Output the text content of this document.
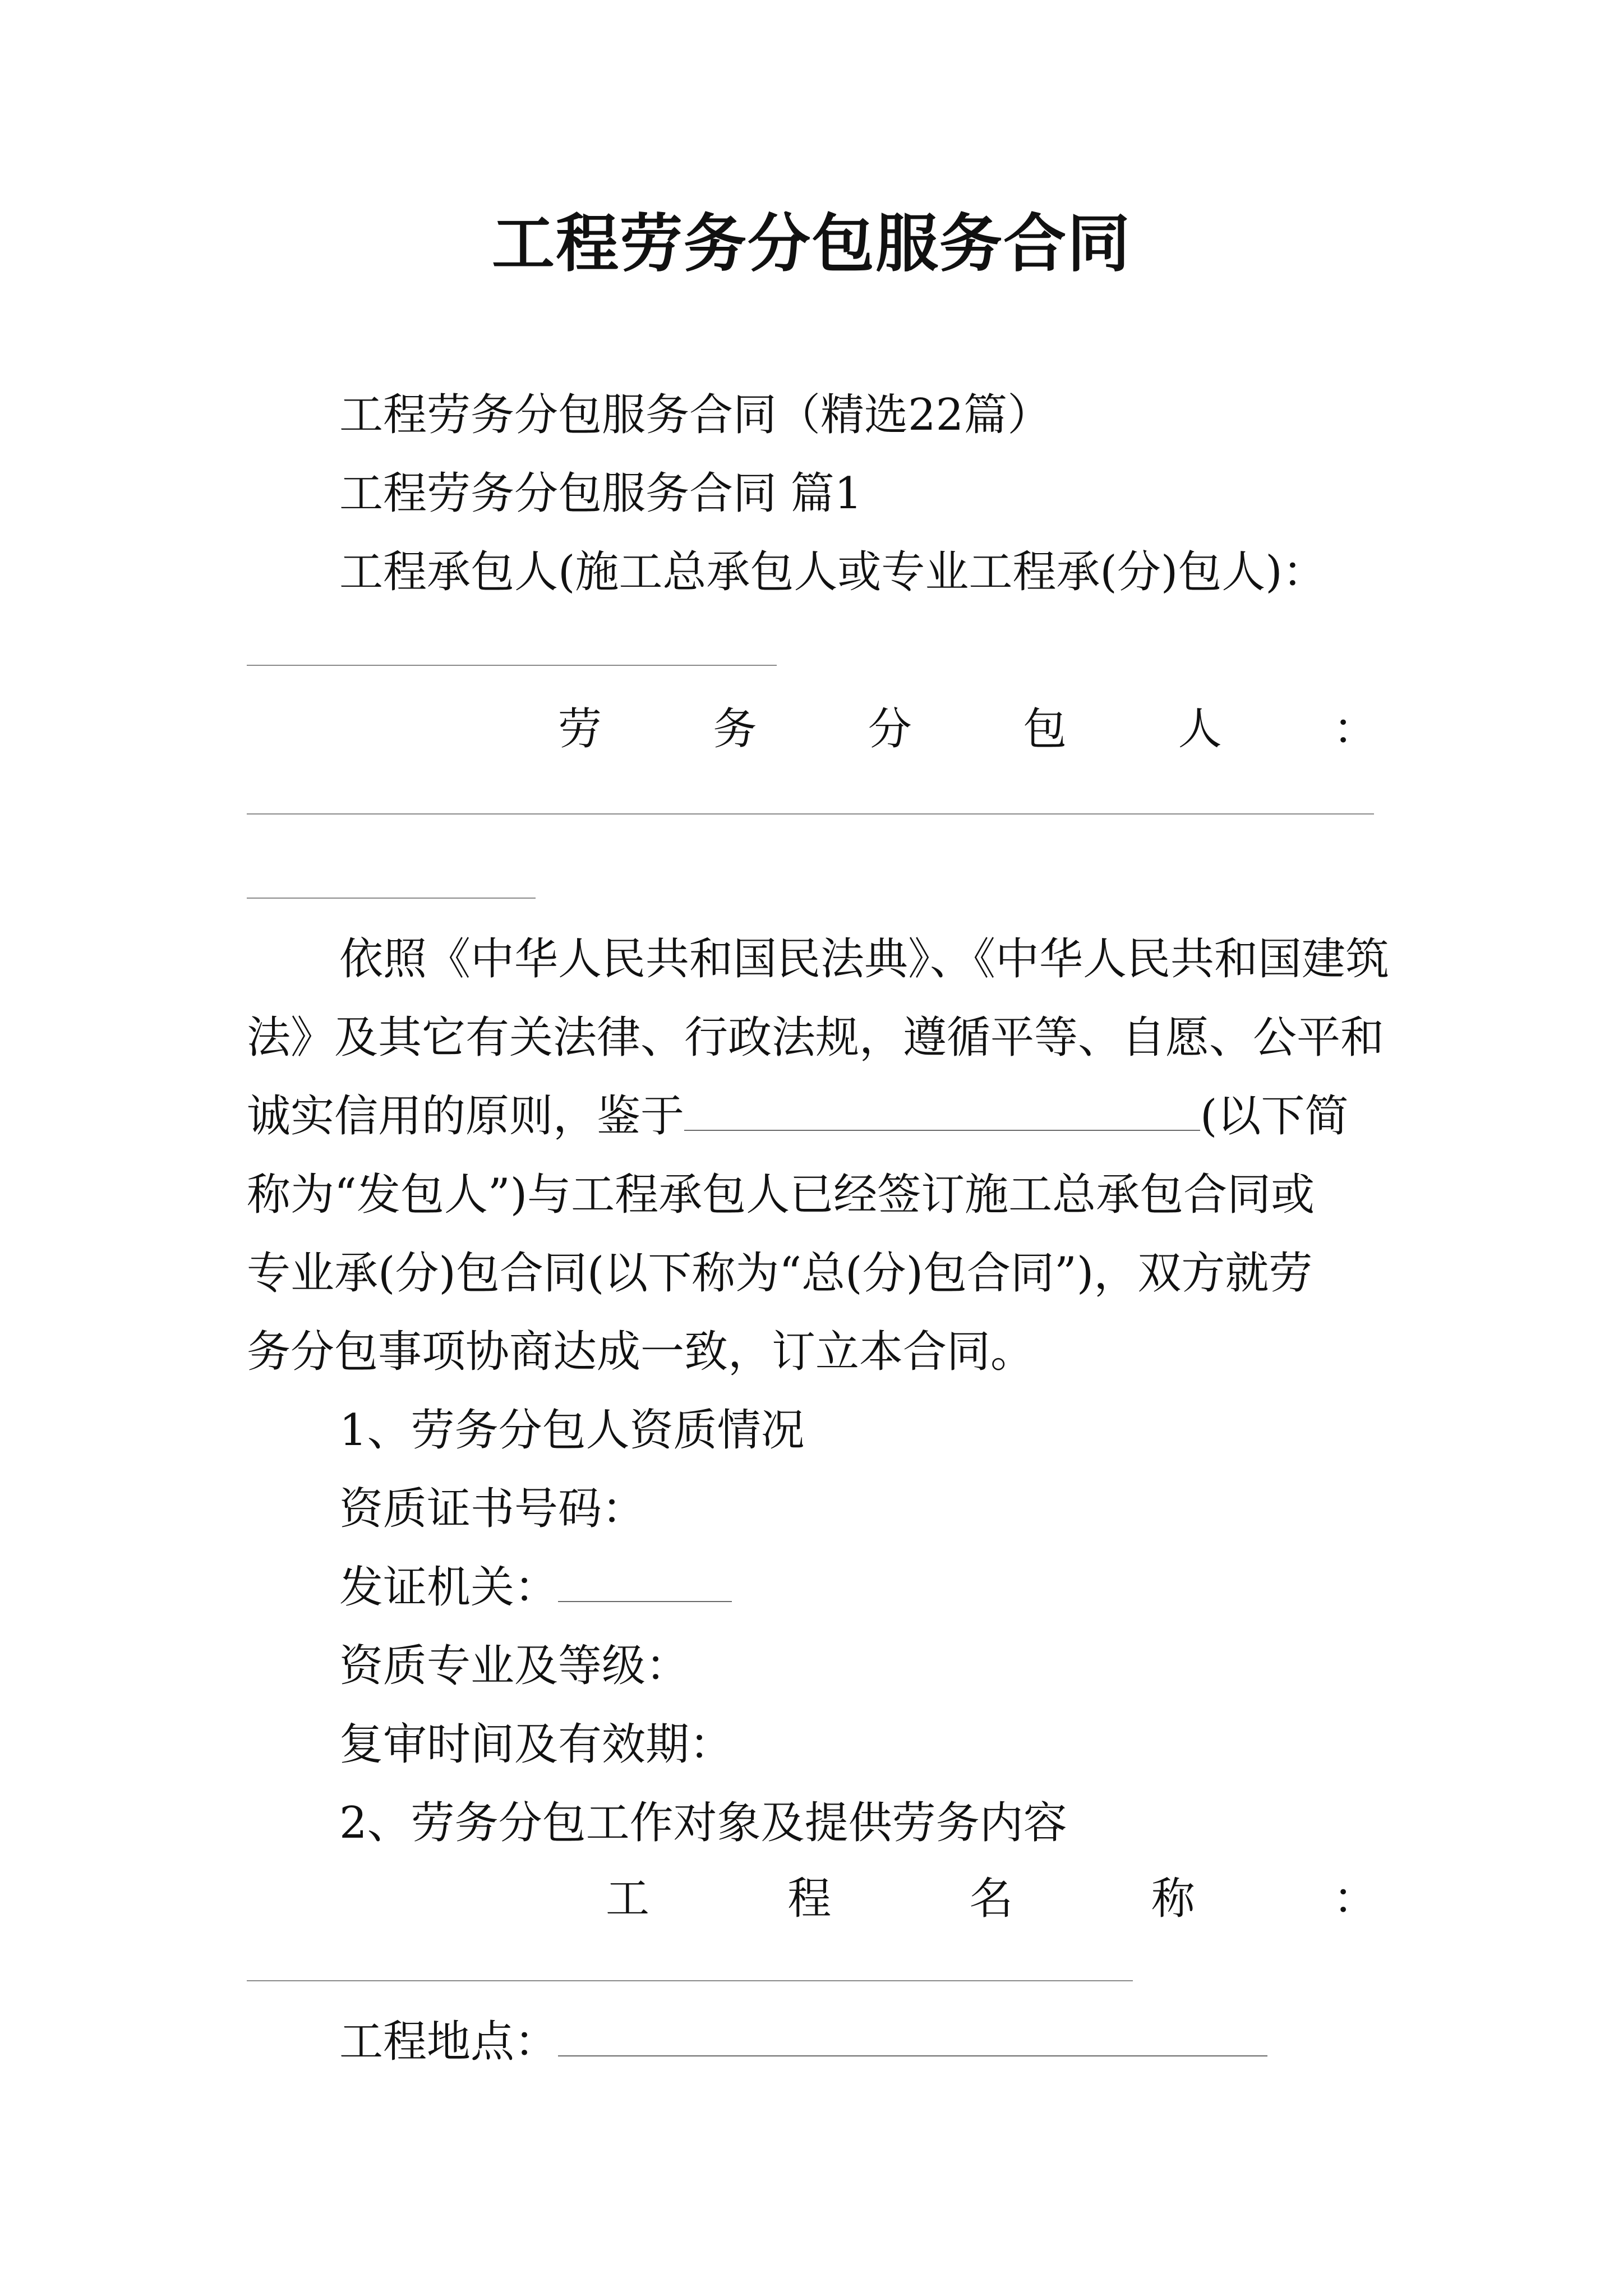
工程劳务分包服务合同

工程劳务分包服务合同（精选22篇）

工程劳务分包服务合同 篇1

工程承包人(施工总承包人或专业工程承(分)包人)：

劳	务	分	包	人	：
依照《中华人民共和国民法典》、《中华人民共和国建筑
法》及其它有关法律、行政法规，遵循平等、自愿、公平和
诚实信用的原则，鉴于	(以下简
称为“发包人”)与工程承包人已经签订施工总承包合同或
专业承(分)包合同(以下称为“总(分)包合同”)，双方就劳
务分包事项协商达成一致，订立本合同。

1、劳务分包人资质情况

资质证书号码：

发证机关：

资质专业及等级：

复审时间及有效期：

2、劳务分包工作对象及提供劳务内容

工	程	名	称	：
工程地点：
